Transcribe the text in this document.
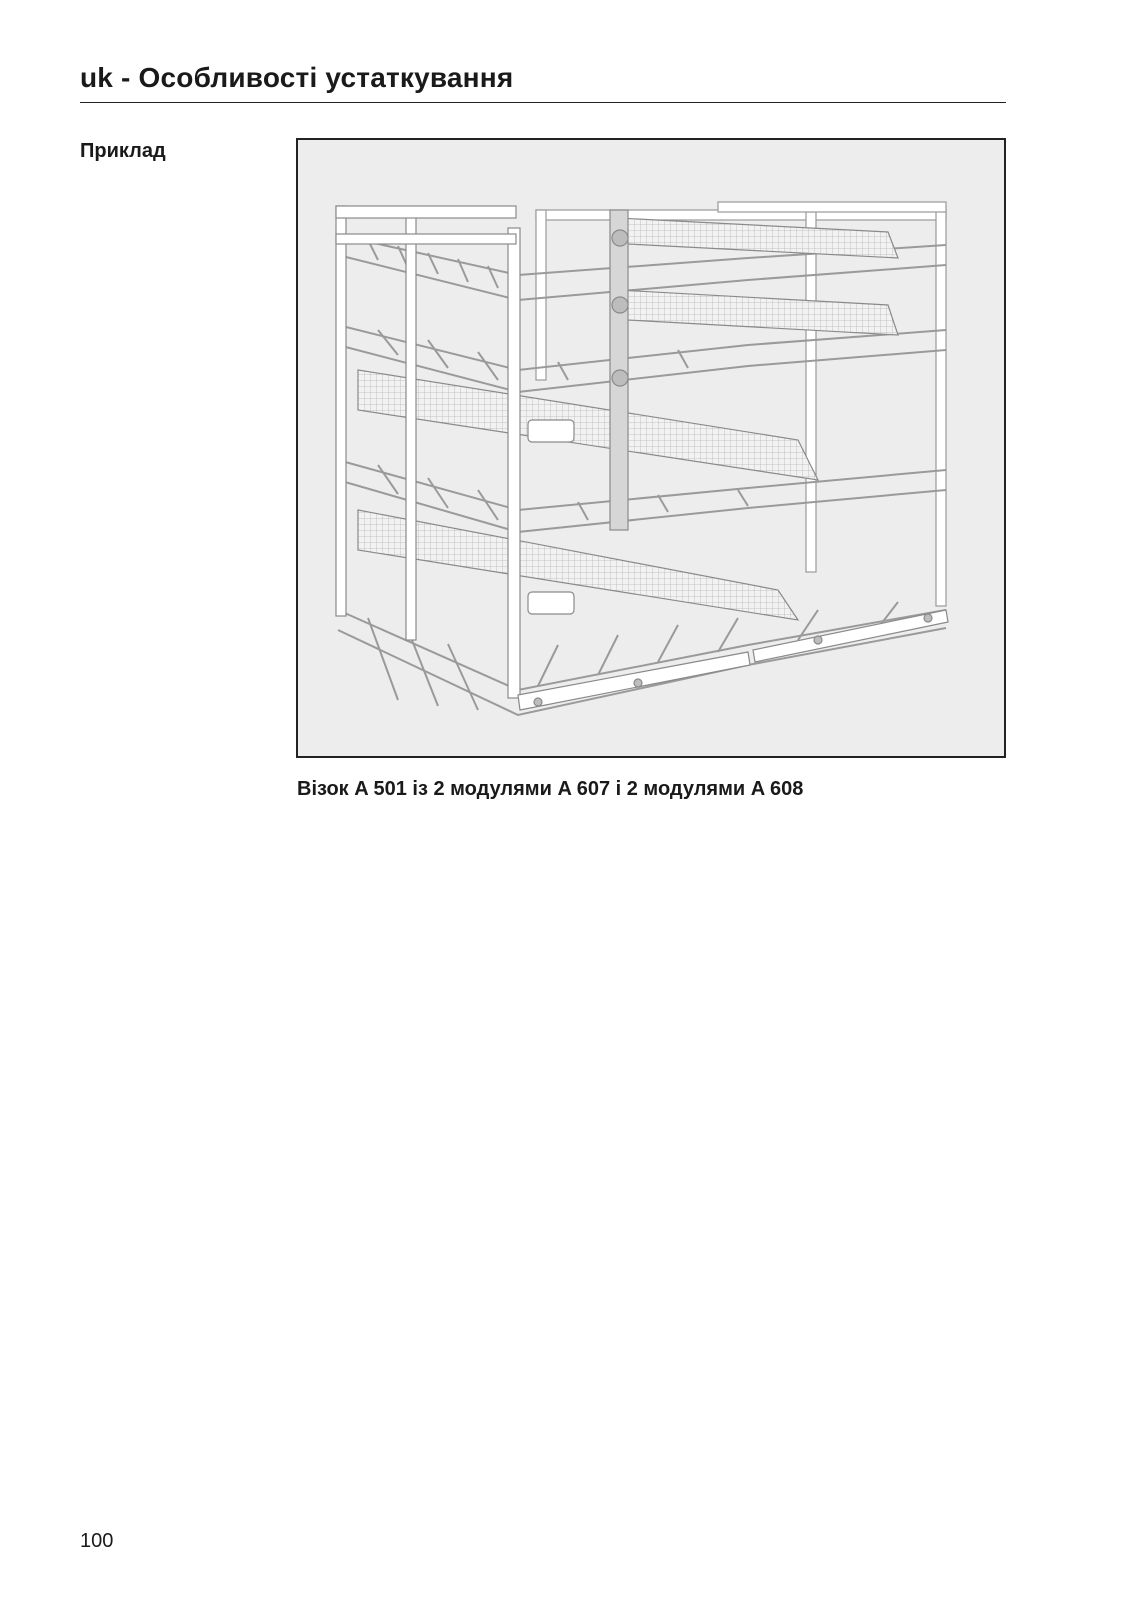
uk - Особливості устаткування
Приклад
Візок A 501 із 2 модулями A 607 і 2 модулями A 608
100
